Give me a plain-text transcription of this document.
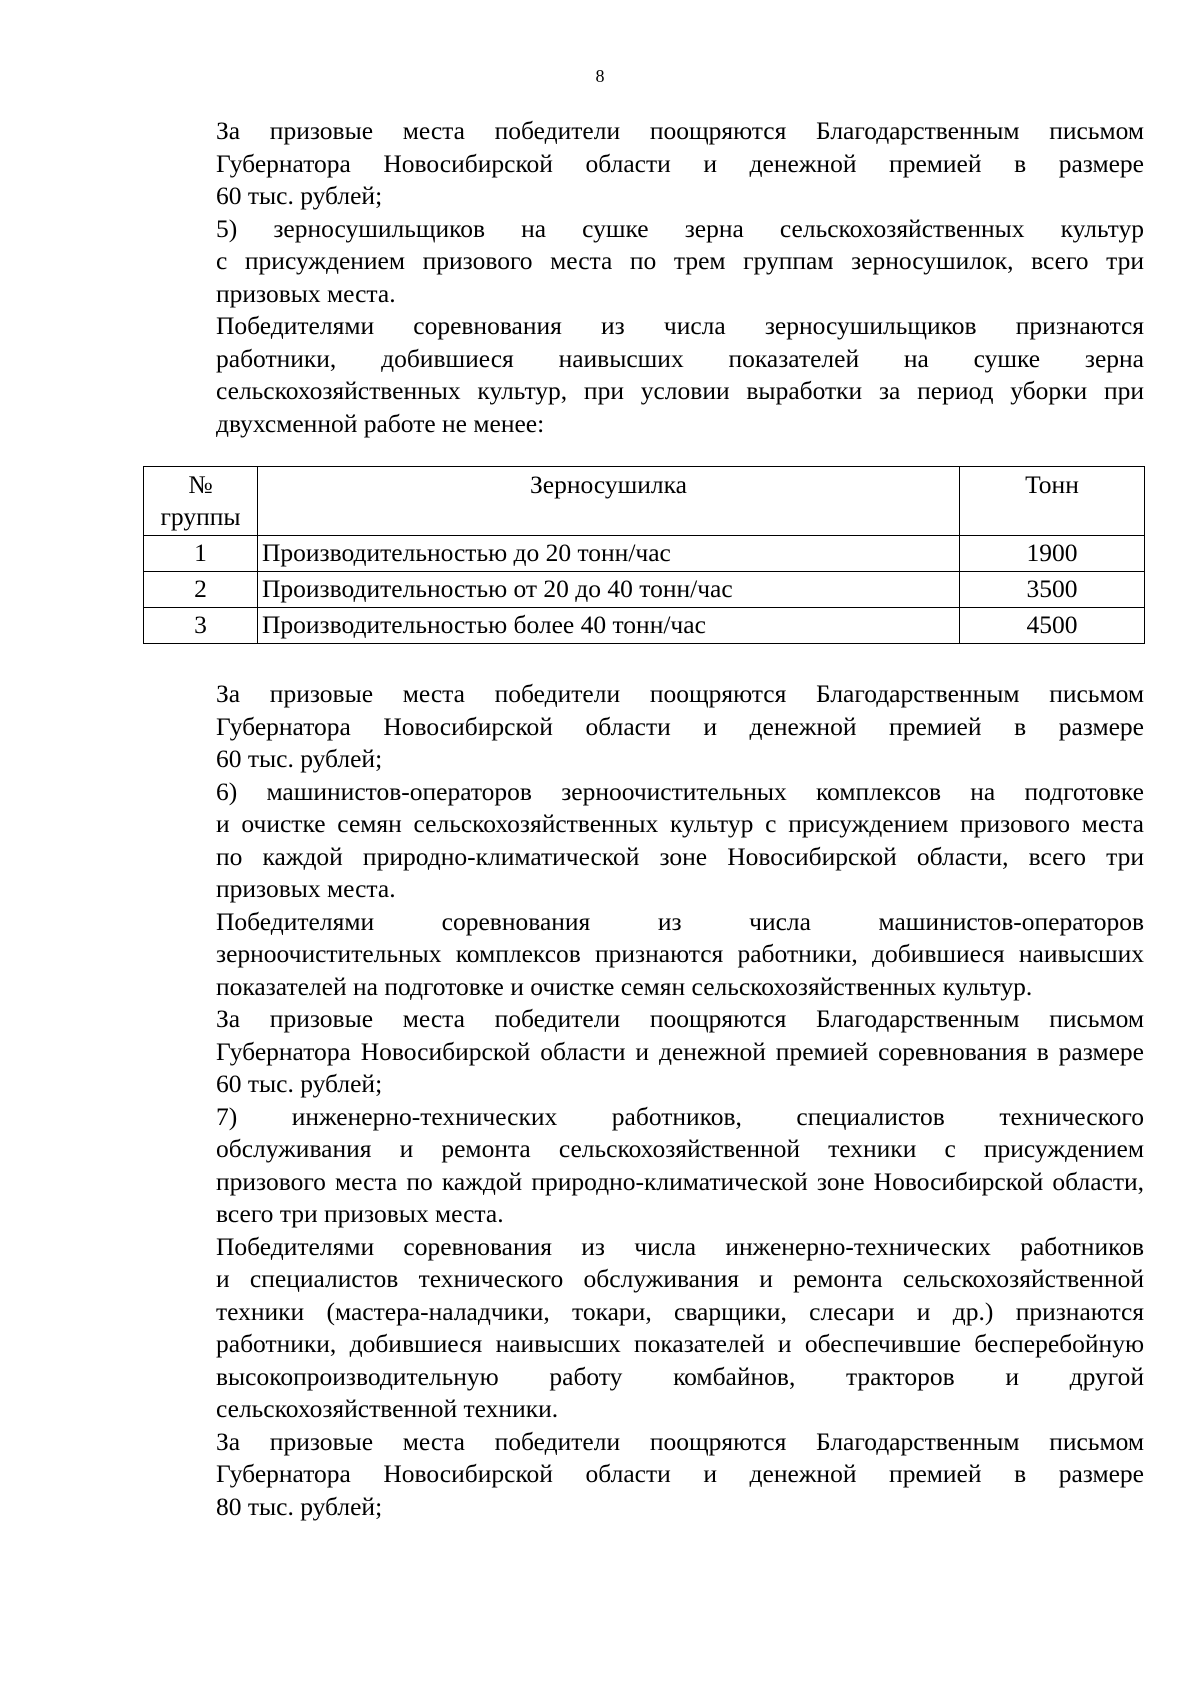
8

За призовые места победители поощряются Благодарственным письмом
Губернатора Новосибирской области и денежной премией в размере
60 тыс. рублей;

5) зерносушильщиков на сушке зерна сельскохозяйственных культур
с присуждением призового места по трем группам зерносушилок, всего три
призовых места.

Победителями соревнования из числа зерносушильщиков признаются
работники, добившиеся наивысших показателей на сушке зерна
сельскохозяйственных культур, при условии выработки за период уборки при
двухсменной работе не менее:

№
группы	Зерносушилка	Тонн
1	Производительностью до 20 тонн/час	1900
2	Производительностью от 20 до 40 тонн/час	3500
3	Производительностью более 40 тонн/час	4500

За призовые места победители поощряются Благодарственным письмом
Губернатора Новосибирской области и денежной премией в размере
60 тыс. рублей;

6) машинистов-операторов зерноочистительных комплексов на подготовке
и очистке семян сельскохозяйственных культур с присуждением призового места
по каждой природно-климатической зоне Новосибирской области, всего три
призовых места.

Победителями соревнования из числа машинистов-операторов
зерноочистительных комплексов признаются работники, добившиеся наивысших
показателей на подготовке и очистке семян сельскохозяйственных культур.

За призовые места победители поощряются Благодарственным письмом
Губернатора Новосибирской области и денежной премией соревнования в размере
60 тыс. рублей;

7) инженерно-технических работников, специалистов технического
обслуживания и ремонта сельскохозяйственной техники с присуждением
призового места по каждой природно-климатической зоне Новосибирской области,
всего три призовых места.

Победителями соревнования из числа инженерно-технических работников
и специалистов технического обслуживания и ремонта сельскохозяйственной
техники (мастера-наладчики, токари, сварщики, слесари и др.) признаются
работники, добившиеся наивысших показателей и обеспечившие бесперебойную
высокопроизводительную работу комбайнов, тракторов и другой
сельскохозяйственной техники.

За призовые места победители поощряются Благодарственным письмом
Губернатора Новосибирской области и денежной премией в размере
80 тыс. рублей;
